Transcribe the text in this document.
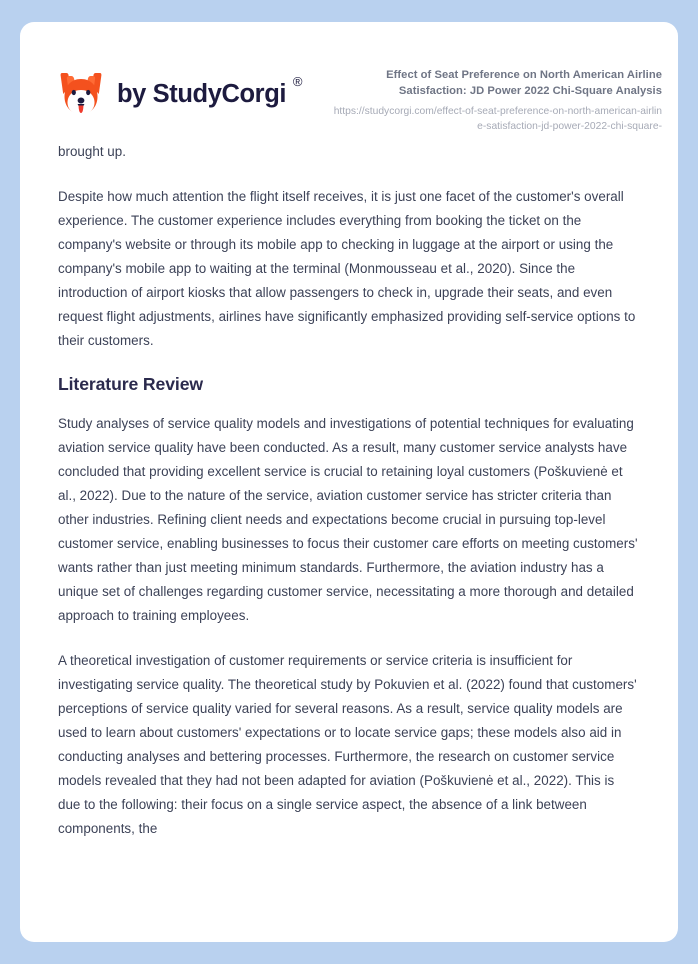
by StudyCorgi ®	Effect of Seat Preference on North American Airline Satisfaction: JD Power 2022 Chi-Square Analysis
https://studycorgi.com/effect-of-seat-preference-on-north-american-airline-satisfaction-jd-power-2022-chi-square-

brought up.

Despite how much attention the flight itself receives, it is just one facet of the customer's overall experience. The customer experience includes everything from booking the ticket on the company's website or through its mobile app to checking in luggage at the airport or using the company's mobile app to waiting at the terminal (Monmousseau et al., 2020). Since the introduction of airport kiosks that allow passengers to check in, upgrade their seats, and even request flight adjustments, airlines have significantly emphasized providing self-service options to their customers.

Literature Review

Study analyses of service quality models and investigations of potential techniques for evaluating aviation service quality have been conducted. As a result, many customer service analysts have concluded that providing excellent service is crucial to retaining loyal customers (Poškuvienė et al., 2022). Due to the nature of the service, aviation customer service has stricter criteria than other industries. Refining client needs and expectations become crucial in pursuing top-level customer service, enabling businesses to focus their customer care efforts on meeting customers' wants rather than just meeting minimum standards. Furthermore, the aviation industry has a unique set of challenges regarding customer service, necessitating a more thorough and detailed approach to training employees.

A theoretical investigation of customer requirements or service criteria is insufficient for investigating service quality. The theoretical study by Pokuvien et al. (2022) found that customers' perceptions of service quality varied for several reasons. As a result, service quality models are used to learn about customers' expectations or to locate service gaps; these models also aid in conducting analyses and bettering processes. Furthermore, the research on customer service models revealed that they had not been adapted for aviation (Poškuvienė et al., 2022). This is due to the following: their focus on a single service aspect, the absence of a link between components, the
